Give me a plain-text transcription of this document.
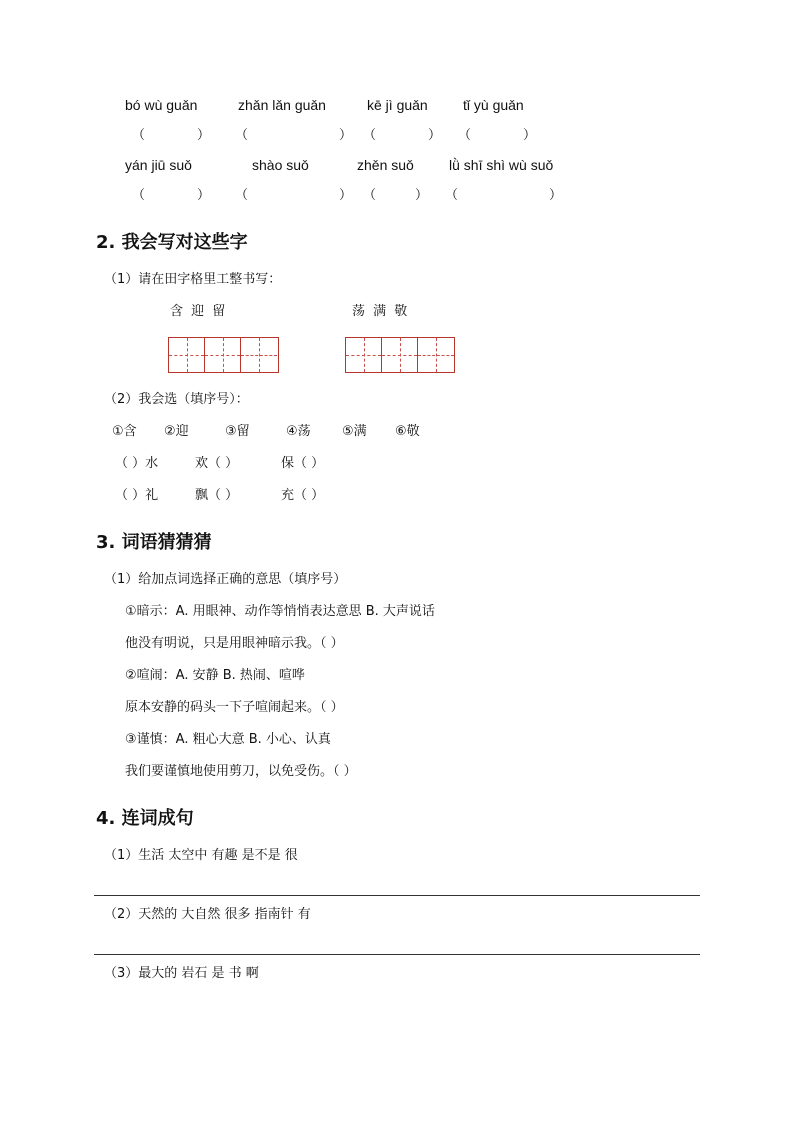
bó wù guǎn	zhǎn lǎn guǎn	kē jì guǎn	tǐ yù guǎn
（　　　　） （　　　　　　　） （　　　　） （　　　　）
yán jiū suǒ	shào suǒ	zhěn suǒ	lǜ shī shì wù suǒ
（　　　　） （　　　　　　　） （　　　） （　　　　　　　）
2. 我会写对这些字
（1）请在田字格里工整书写：
含 迎 留	荡 满 敬
（2）我会选（填序号）：
①含 ②迎	③留	④荡 ⑤满 ⑥敬
（ ）水	欢（ ）	保（ ）
（ ）礼	飘（ ）	充（ ）
3. 词语猜猜猜
（1）给加点词选择正确的意思（填序号）
①暗示：A. 用眼神、动作等悄悄表达意思 B. 大声说话
他没有明说，只是用眼神暗示我。（ ）
②喧闹：A. 安静 B. 热闹、喧哗
原本安静的码头一下子喧闹起来。（ ）
③谨慎：A. 粗心大意 B. 小心、认真
我们要谨慎地使用剪刀，以免受伤。（ ）
4. 连词成句
（1）生活 太空中 有趣 是不是 很
（2）天然的 大自然 很多 指南针 有
（3）最大的 岩石 是 书 啊
